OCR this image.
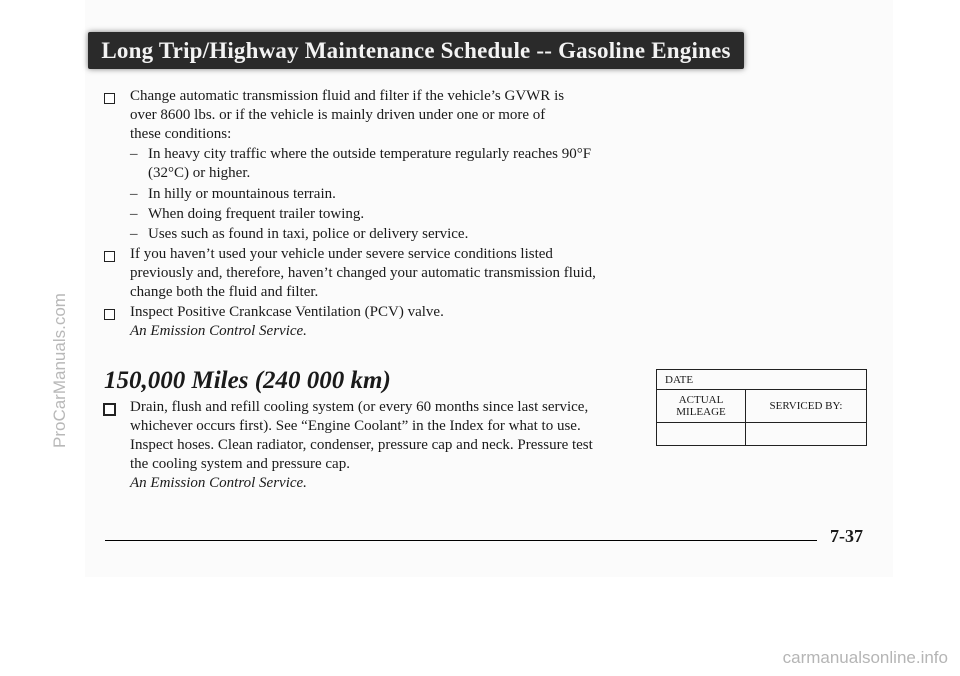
Long Trip/Highway Maintenance Schedule -- Gasoline Engines
Change automatic transmission fluid and filter if the vehicle’s GVWR is
over 8600 lbs. or if the vehicle is mainly driven under one or more of
these conditions:
– In heavy city traffic where the outside temperature regularly reaches 90°F
(32°C) or higher.
– In hilly or mountainous terrain.
– When doing frequent trailer towing.
– Uses such as found in taxi, police or delivery service.
If you haven’t used your vehicle under severe service conditions listed
previously and, therefore, haven’t changed your automatic transmission fluid,
change both the fluid and filter.
Inspect Positive Crankcase Ventilation (PCV) valve.
An Emission Control Service.
150,000 Miles (240 000 km)
Drain, flush and refill cooling system (or every 60 months since last service,
whichever occurs first). See “Engine Coolant” in the Index for what to use.
Inspect hoses. Clean radiator, condenser, pressure cap and neck. Pressure test
the cooling system and pressure cap.
An Emission Control Service.
DATE	
ACTUAL
MILEAGE	SERVICED BY:

7-37
ProCarManuals.com
carmanualsonline.info
